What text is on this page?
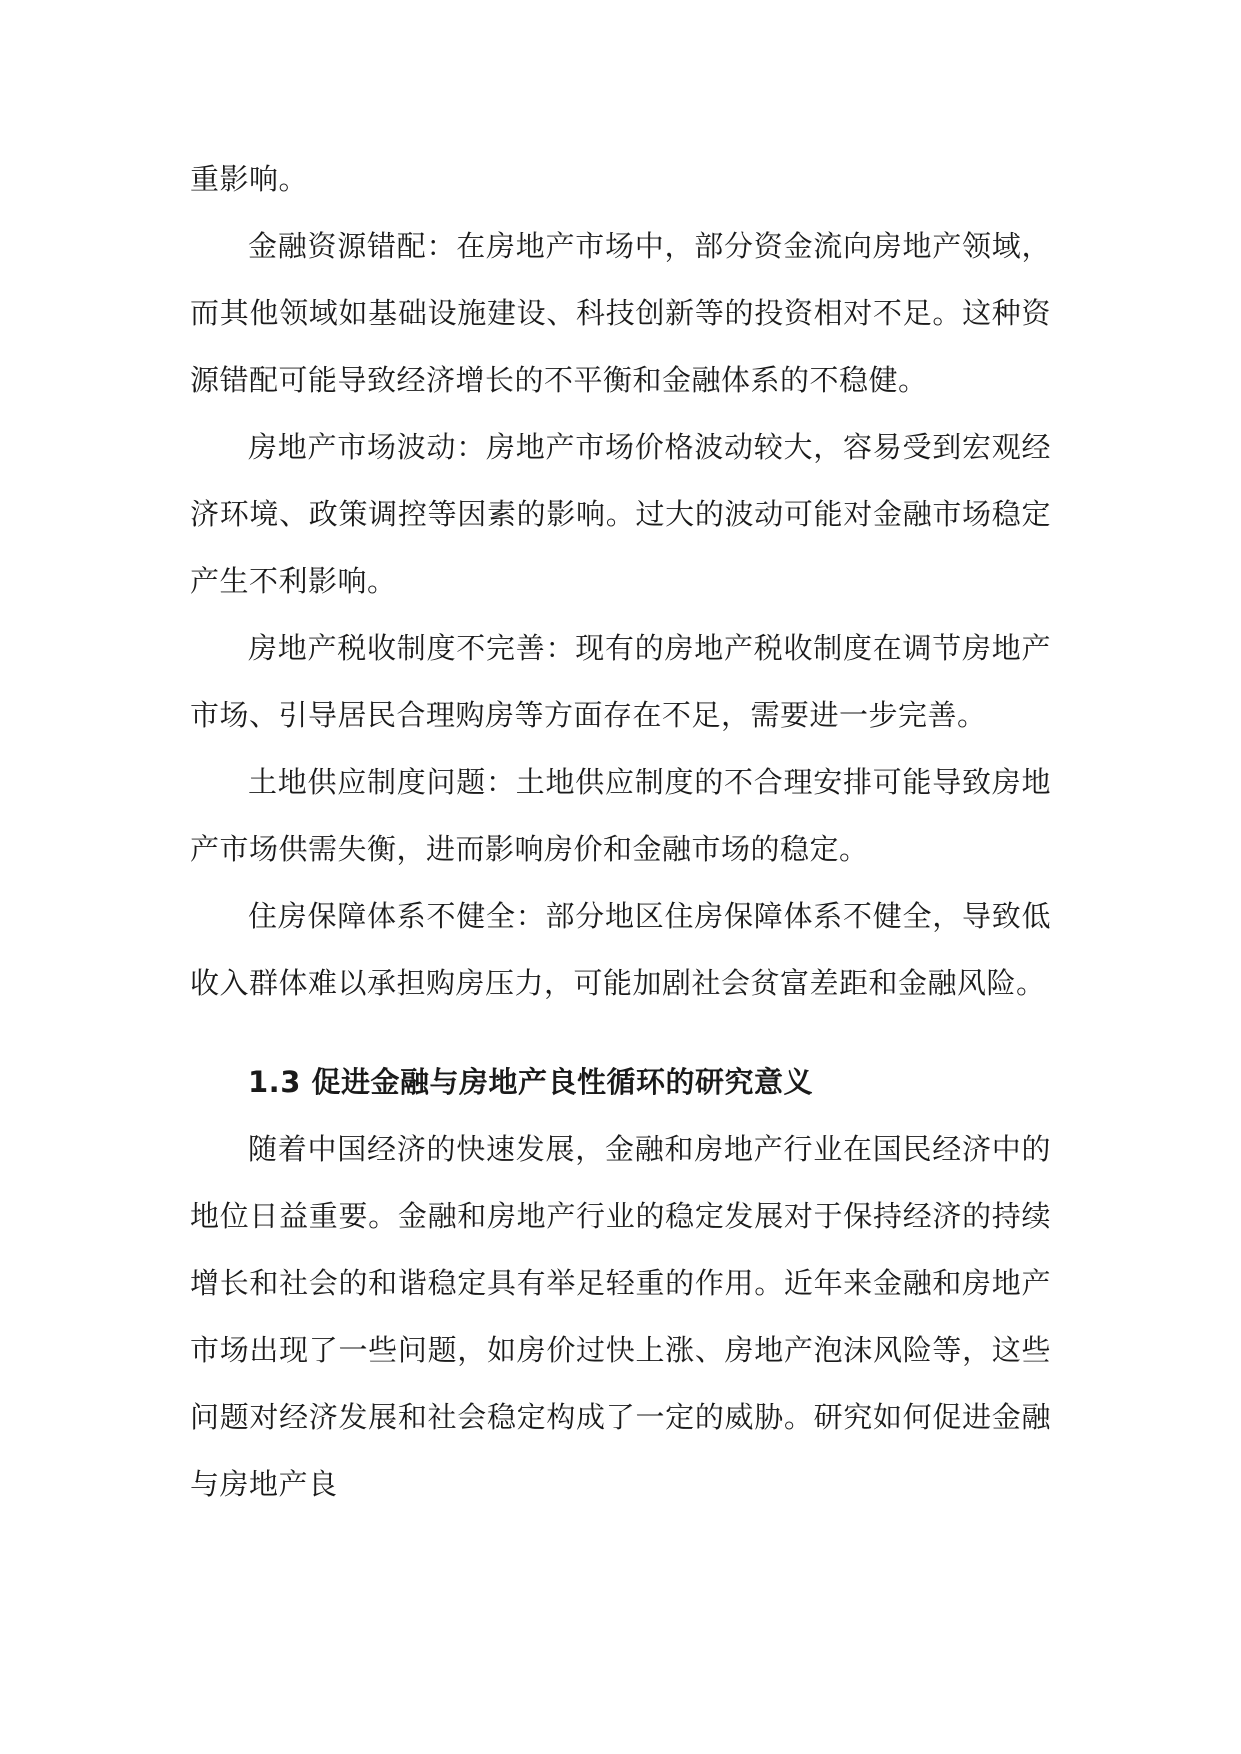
重影响。

金融资源错配：在房地产市场中，部分资金流向房地产领域，而其他领域如基础设施建设、科技创新等的投资相对不足。这种资源错配可能导致经济增长的不平衡和金融体系的不稳健。

房地产市场波动：房地产市场价格波动较大，容易受到宏观经济环境、政策调控等因素的影响。过大的波动可能对金融市场稳定产生不利影响。

房地产税收制度不完善：现有的房地产税收制度在调节房地产市场、引导居民合理购房等方面存在不足，需要进一步完善。

土地供应制度问题：土地供应制度的不合理安排可能导致房地产市场供需失衡，进而影响房价和金融市场的稳定。

住房保障体系不健全：部分地区住房保障体系不健全，导致低收入群体难以承担购房压力，可能加剧社会贫富差距和金融风险。

1.3 促进金融与房地产良性循环的研究意义

随着中国经济的快速发展，金融和房地产行业在国民经济中的地位日益重要。金融和房地产行业的稳定发展对于保持经济的持续增长和社会的和谐稳定具有举足轻重的作用。近年来金融和房地产市场出现了一些问题，如房价过快上涨、房地产泡沫风险等，这些问题对经济发展和社会稳定构成了一定的威胁。研究如何促进金融与房地产良
